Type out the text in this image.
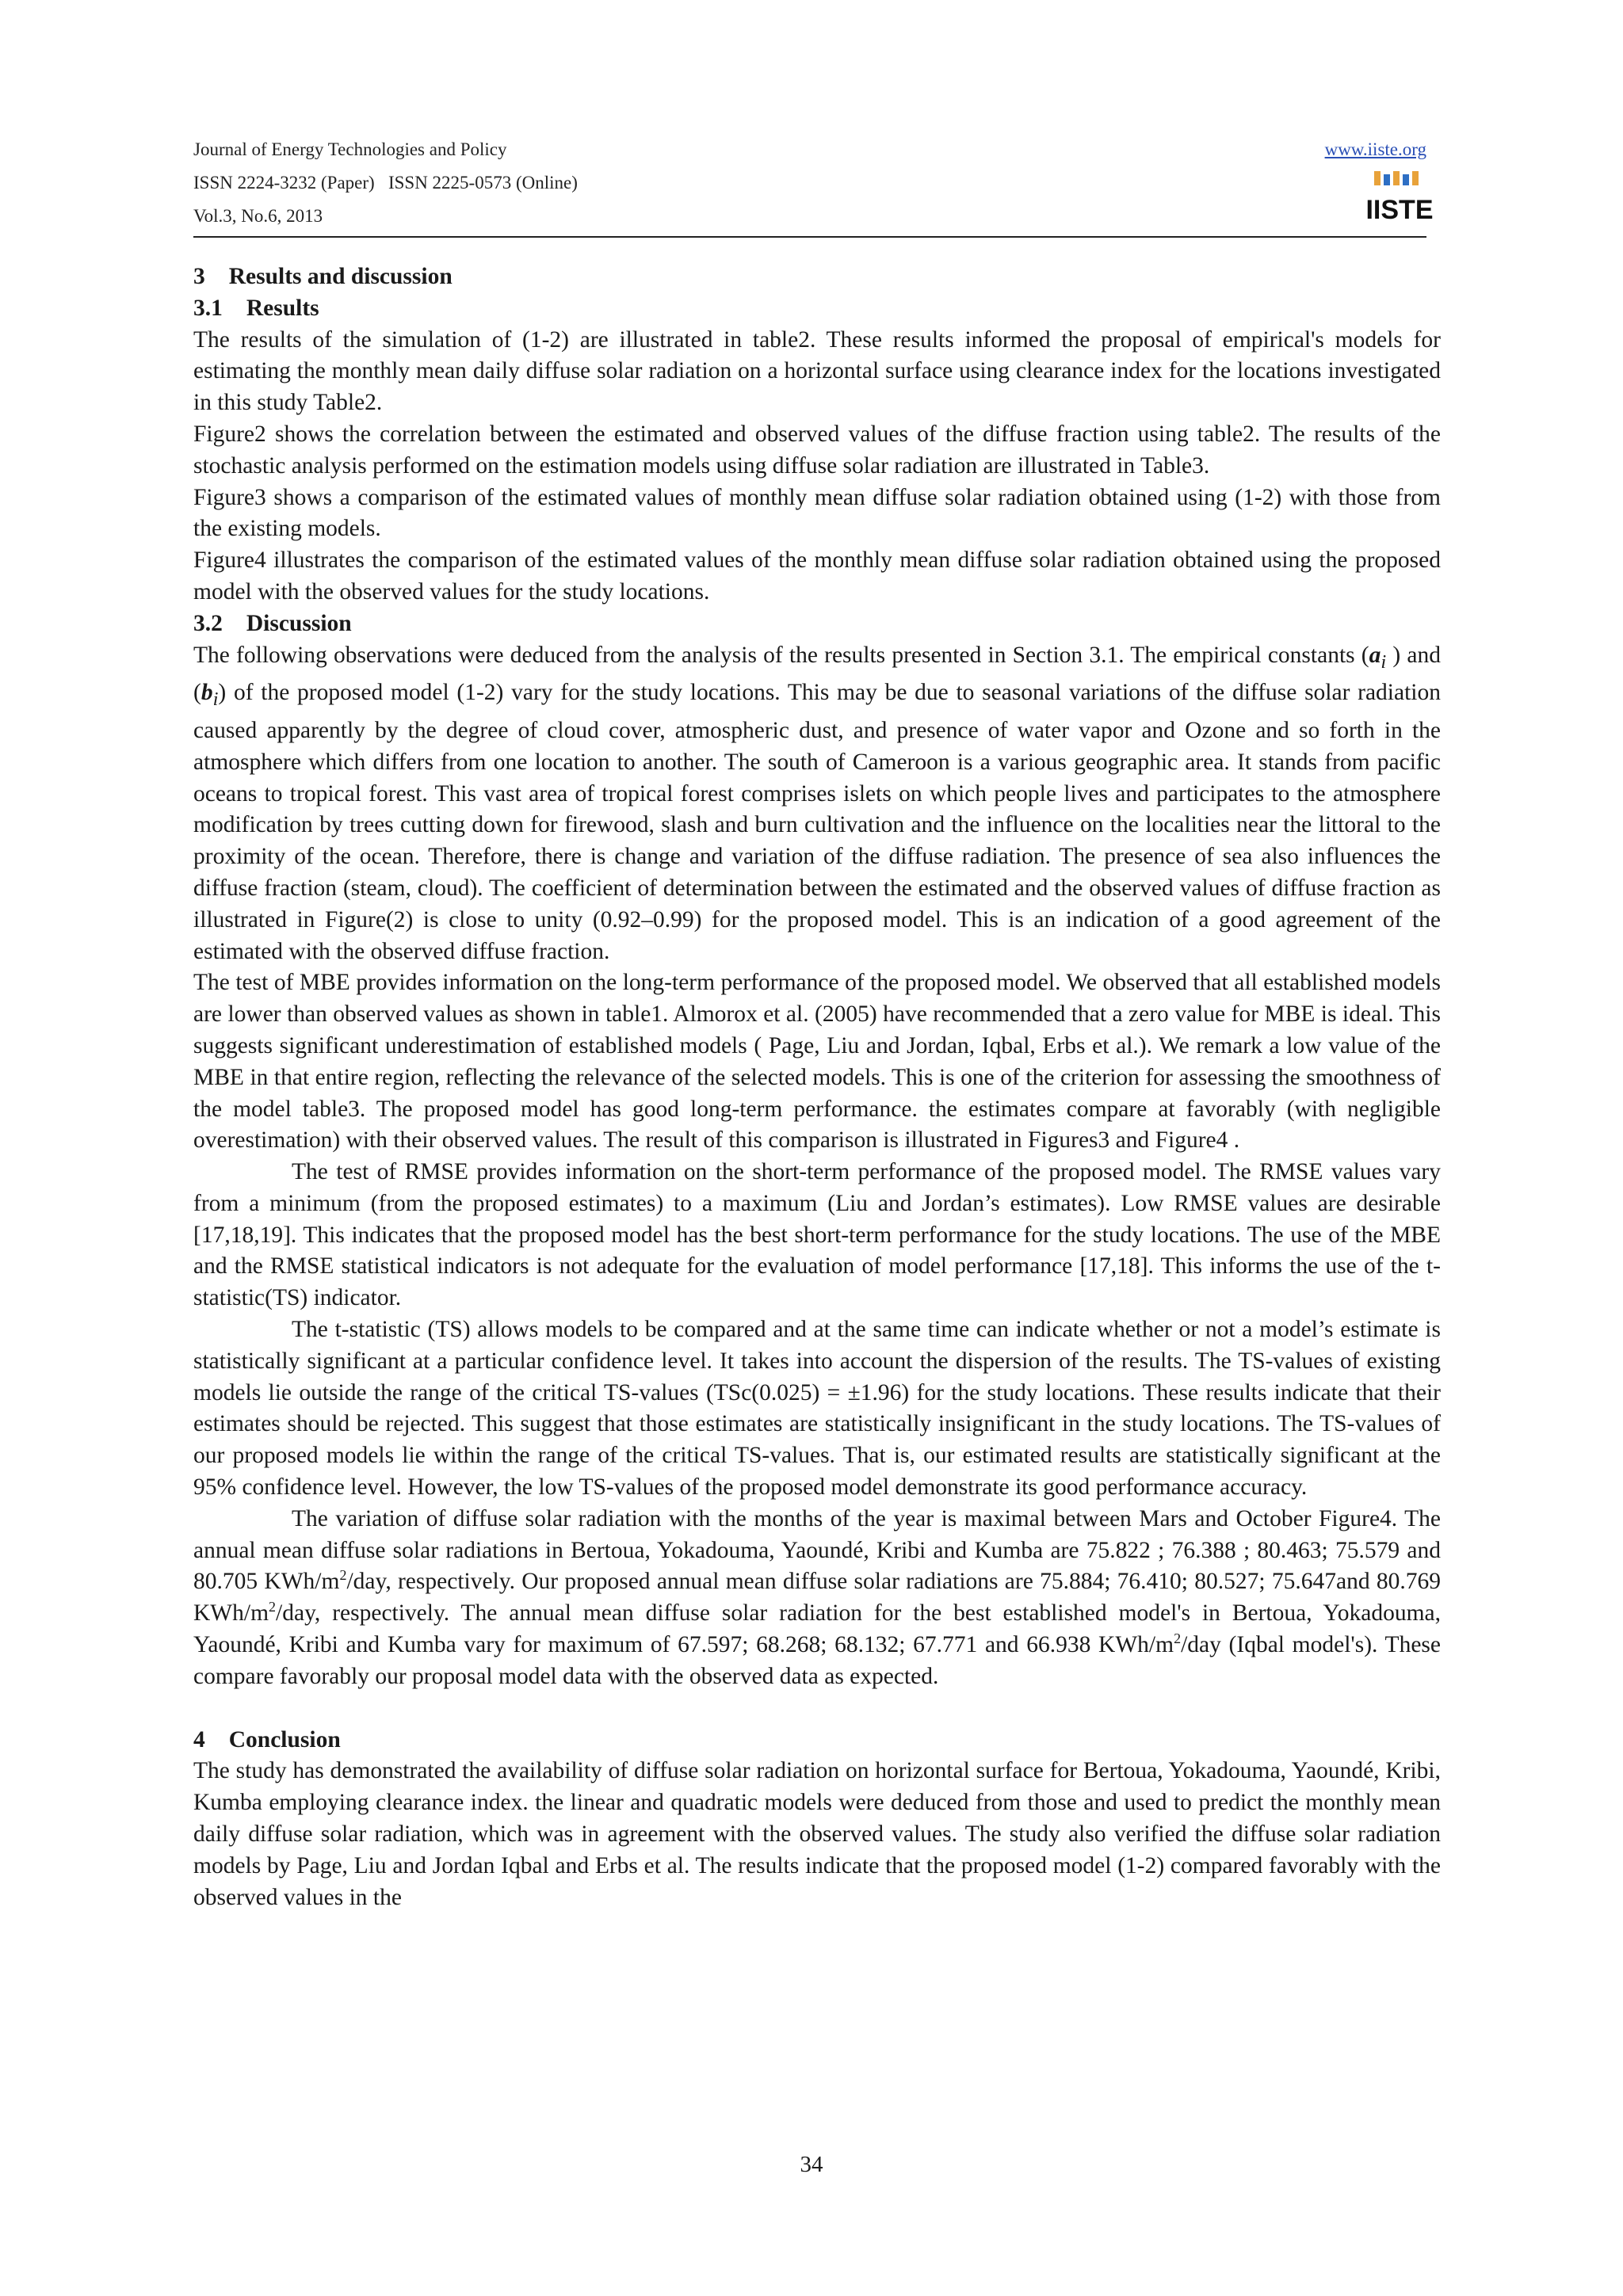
Journal of Energy Technologies and Policy
ISSN 2224-3232 (Paper)   ISSN 2225-0573 (Online)
Vol.3, No.6, 2013
www.iiste.org
IISTE
3 Results and discussion
3.1 Results

The results of the simulation of (1-2) are illustrated in table2. These results informed the proposal of empirical's models for estimating the monthly mean daily diffuse solar radiation on a horizontal surface using clearance index for the locations investigated in this study Table2.

Figure2 shows the correlation between the estimated and observed values of the diffuse fraction using table2. The results of the stochastic analysis performed on the estimation models using diffuse solar radiation are illustrated in Table3.

Figure3 shows a comparison of the estimated values of monthly mean diffuse solar radiation obtained using (1-2) with those from the existing models.

Figure4 illustrates the comparison of the estimated values of the monthly mean diffuse solar radiation obtained using the proposed model with the observed values for the study locations.

3.2 Discussion

The following observations were deduced from the analysis of the results presented in Section 3.1. The empirical constants ($a_i$ ) and $(b_i)$ of the proposed model (1-2) vary for the study locations. This may be due to seasonal variations of the diffuse solar radiation caused apparently by the degree of cloud cover, atmospheric dust, and presence of water vapor and Ozone and so forth in the atmosphere which differs from one location to another. The south of Cameroon is a various geographic area. It stands from pacific oceans to tropical forest. This vast area of tropical forest comprises islets on which people lives and participates to the atmosphere modification by trees cutting down for firewood, slash and burn cultivation and the influence on the localities near the littoral to the proximity of the ocean. Therefore, there is change and variation of the diffuse radiation. The presence of sea also influences the diffuse fraction (steam, cloud). The coefficient of determination between the estimated and the observed values of diffuse fraction as illustrated in Figure(2) is close to unity (0.92–0.99) for the proposed model. This is an indication of a good agreement of the estimated with the observed diffuse fraction.

The test of MBE provides information on the long-term performance of the proposed model. We observed that all established models are lower than observed values as shown in table1. Almorox et al. (2005) have recommended that a zero value for MBE is ideal. This suggests significant underestimation of established models ( Page, Liu and Jordan, Iqbal, Erbs et al.). We remark a low value of the MBE in that entire region, reflecting the relevance of the selected models. This is one of the criterion for assessing the smoothness of the model table3. The proposed model has good long-term performance. the estimates compare at favorably (with negligible overestimation) with their observed values. The result of this comparison is illustrated in Figures3 and Figure4 .

The test of RMSE provides information on the short-term performance of the proposed model. The RMSE values vary from a minimum (from the proposed estimates) to a maximum (Liu and Jordan’s estimates). Low RMSE values are desirable [17,18,19]. This indicates that the proposed model has the best short-term performance for the study locations. The use of the MBE and the RMSE statistical indicators is not adequate for the evaluation of model performance [17,18]. This informs the use of the t-statistic(TS) indicator.

The t-statistic (TS) allows models to be compared and at the same time can indicate whether or not a model’s estimate is statistically significant at a particular confidence level. It takes into account the dispersion of the results. The TS-values of existing models lie outside the range of the critical TS-values (TSc(0.025) = ±1.96) for the study locations. These results indicate that their estimates should be rejected. This suggest that those estimates are statistically insignificant in the study locations. The TS-values of our proposed models lie within the range of the critical TS-values. That is, our estimated results are statistically significant at the 95% confidence level. However, the low TS-values of the proposed model demonstrate its good performance accuracy.

The variation of diffuse solar radiation with the months of the year is maximal between Mars and October Figure4. The annual mean diffuse solar radiations in Bertoua, Yokadouma, Yaoundé, Kribi and Kumba are 75.822 ; 76.388 ; 80.463; 75.579 and 80.705 KWh/$m^2$/day, respectively. Our proposed annual mean diffuse solar radiations are 75.884; 76.410; 80.527; 75.647and 80.769 KWh/$m^2$/day, respectively. The annual mean diffuse solar radiation for the best established model's in Bertoua, Yokadouma, Yaoundé, Kribi and Kumba vary for maximum of 67.597; 68.268; 68.132; 67.771 and 66.938 KWh/$m^2$/day (Iqbal model's). These compare favorably our proposal model data with the observed data as expected.

4 Conclusion

The study has demonstrated the availability of diffuse solar radiation on horizontal surface for Bertoua, Yokadouma, Yaoundé, Kribi, Kumba employing clearance index. the linear and quadratic models were deduced from those and used to predict the monthly mean daily diffuse solar radiation, which was in agreement with the observed values. The study also verified the diffuse solar radiation models by Page, Liu and Jordan Iqbal and Erbs et al. The results indicate that the proposed model (1-2) compared favorably with the observed values in the

34
